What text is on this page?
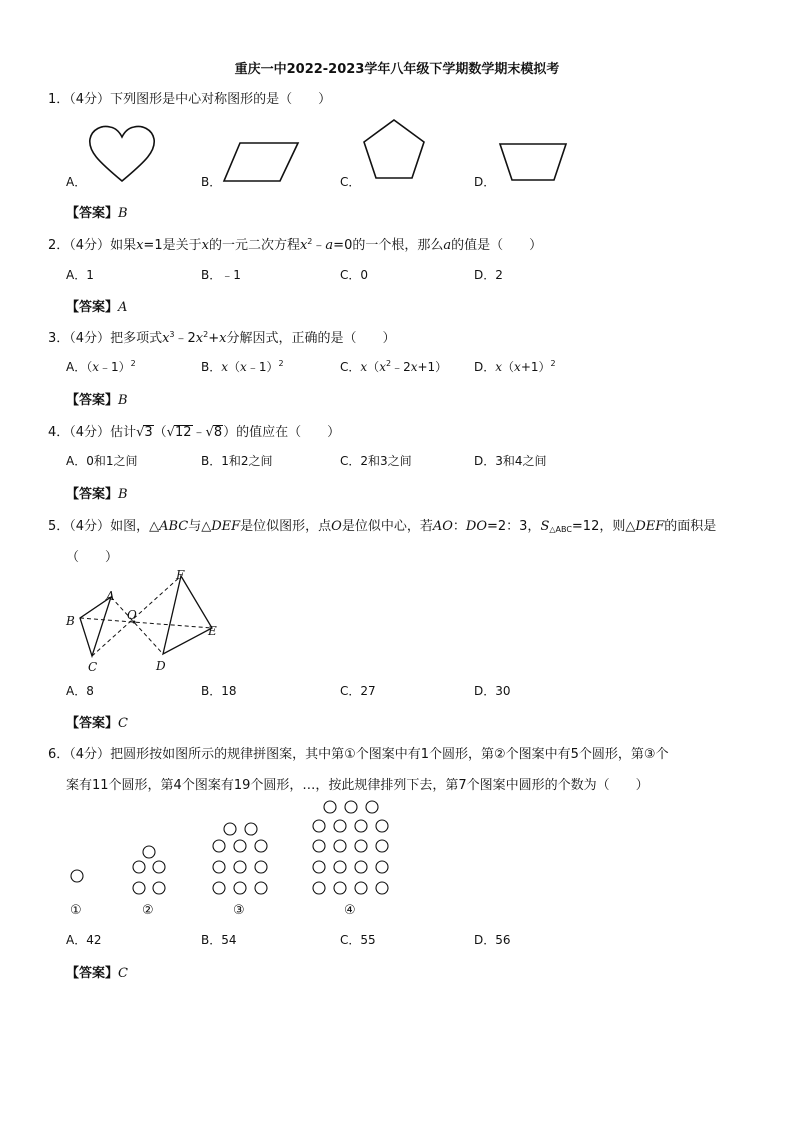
重庆一中2022-2023学年八年级下学期数学期末模拟考
1．（4分）下列图形是中心对称图形的是（　　）
A．	B．	C．	D．
【答案】B
2．（4分）如果x=1是关于x的一元二次方程$x^2﹣a=0$的一个根，那么a的值是（　　）
A．1	B．﹣1	C．0	D．2
【答案】A
3．（4分）把多项式$x^3﹣2x^2+x$分解因式，正确的是（　　）
A．（x﹣1）$^2$	B．x（x﹣1）$^2$	C．$x(x^2﹣2x+1)$ D．$x(x+1)^2$
【答案】B
4．（4分）估计√3（√12﹣√8）的值应在（　　）
A．0和1之间	B．1和2之间	C．2和3之间	D．3和4之间
【答案】B
5．（4分）如图，△ABC与△DEF是位似图形，点O是位似中心，若AO：DO=2：3，$S_{\triangle ABC}=12$，则△DEF的面积是
（　　）
A
B
C
O
F
E
D
A．8	B．18	C．27	D．30
【答案】C
6．（4分）把圆形按如图所示的规律拼图案，其中第①个图案中有1个圆形，第②个图案中有5个圆形，第③个
案有11个圆形，第4个图案有19个圆形，…，按此规律排列下去，第7个图案中圆形的个数为（　　）
①	②	③	④
A．42	B．54	C．55	D．56
【答案】C
